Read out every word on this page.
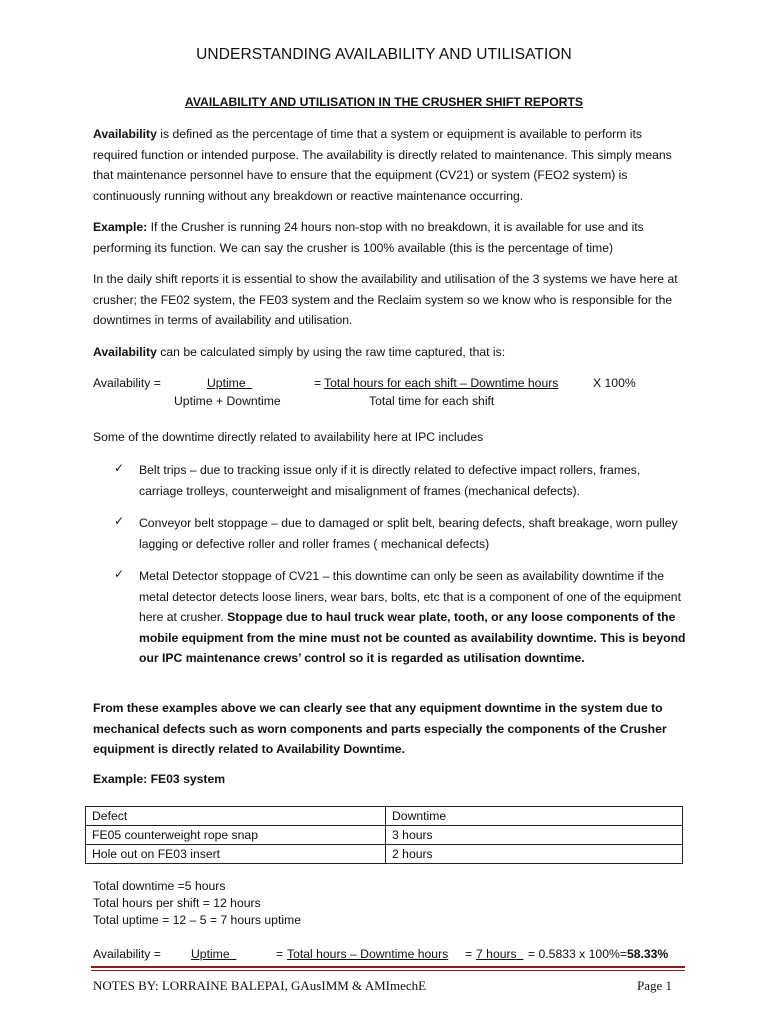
UNDERSTANDING AVAILABILITY AND UTILISATION
AVAILABILITY AND UTILISATION IN THE CRUSHER SHIFT REPORTS
Availability is defined as the percentage of time that a system or equipment is available to perform its required function or intended purpose. The availability is directly related to maintenance. This simply means that maintenance personnel have to ensure that the equipment (CV21) or system (FEO2 system) is continuously running without any breakdown or reactive maintenance occurring.
Example: If the Crusher is running 24 hours non-stop with no breakdown, it is available for use and its performing its function. We can say the crusher is 100% available (this is the percentage of time)
In the daily shift reports it is essential to show the availability and utilisation of the 3 systems we have here at crusher; the FE02 system, the FE03 system and the Reclaim system so we know who is responsible for the downtimes in terms of availability and utilisation.
Availability can be calculated simply by using the raw time captured, that is:
Availability =	Uptime
Uptime + Downtime
= Total hours for each shift – Downtime hours
Total time for each shift
X 100%
Some of the downtime directly related to availability here at IPC includes
✓ Belt trips – due to tracking issue only if it is directly related to defective impact rollers, frames, carriage trolleys, counterweight and misalignment of frames (mechanical defects).
✓ Conveyor belt stoppage – due to damaged or split belt, bearing defects, shaft breakage, worn pulley lagging or defective roller and roller frames ( mechanical defects)
✓ Metal Detector stoppage of CV21 – this downtime can only be seen as availability downtime if the metal detector detects loose liners, wear bars, bolts, etc that is a component of one of the equipment here at crusher. Stoppage due to haul truck wear plate, tooth, or any loose components of the mobile equipment from the mine must not be counted as availability downtime. This is beyond our IPC maintenance crews’ control so it is regarded as utilisation downtime.
From these examples above we can clearly see that any equipment downtime in the system due to mechanical defects such as worn components and parts especially the components of the Crusher equipment is directly related to Availability Downtime.
Example: FE03 system
Defect	Downtime
FE05 counterweight rope snap	3 hours
Hole out on FE03 insert	2 hours
Total downtime =5 hours
Total hours per shift = 12 hours
Total uptime = 12 – 5 = 7 hours uptime
Availability = Uptime	= Total hours – Downtime hours = 7 hours = 0.5833 x 100%=58.33%
NOTES BY: LORRAINE BALEPAI, GAusIMM & AMImechE	Page 1
